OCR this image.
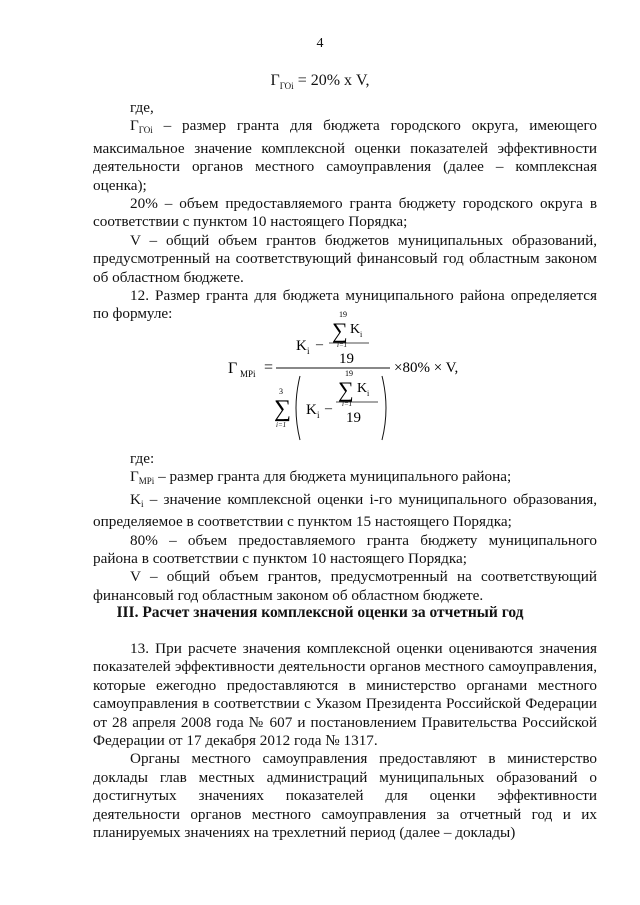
4
$Г_{ГОi} = 20\%$ х V,

где,

$Г_{ГОi}$ – размер гранта для бюджета городского округа, имеющего максимальное значение комплексной оценки показателей эффективности деятельности органов местного самоуправления (далее – комплексная оценка);

20% – объем предоставляемого гранта бюджету городского округа в соответствии с пунктом 10 настоящего Порядка;

V – общий объем грантов бюджетов муниципальных образований, предусмотренный на соответствующий финансовый год областным законом об областном бюджете.

12. Размер гранта для бюджета муниципального района определяется по формуле:

Г MPi =
K i –
19
∑ K i
i=1
19
3
∑
i=1
K i –
19
∑ K i
i=1
19
×80% × V,

где:

$Г_{MPi}$ – размер гранта для бюджета муниципального района;

$K_i$ – значение комплексной оценки i-го муниципального образования, определяемое в соответствии с пунктом 15 настоящего Порядка;

80% – объем предоставляемого гранта бюджету муниципального района в соответствии с пунктом 10 настоящего Порядка;

V – общий объем грантов, предусмотренный на соответствующий финансовый год областным законом об областном бюджете.

III. Расчет значения комплексной оценки за отчетный год

13. При расчете значения комплексной оценки оцениваются значения показателей эффективности деятельности органов местного самоуправления, которые ежегодно предоставляются в министерство органами местного самоуправления в соответствии с Указом Президента Российской Федерации от 28 апреля 2008 года № 607 и постановлением Правительства Российской Федерации от 17 декабря 2012 года № 1317.

Органы местного самоуправления предоставляют в министерство доклады глав местных администраций муниципальных образований о достигнутых значениях показателей для оценки эффективности деятельности органов местного самоуправления за отчетный год и их планируемых значениях на трехлетний период (далее – доклады)
